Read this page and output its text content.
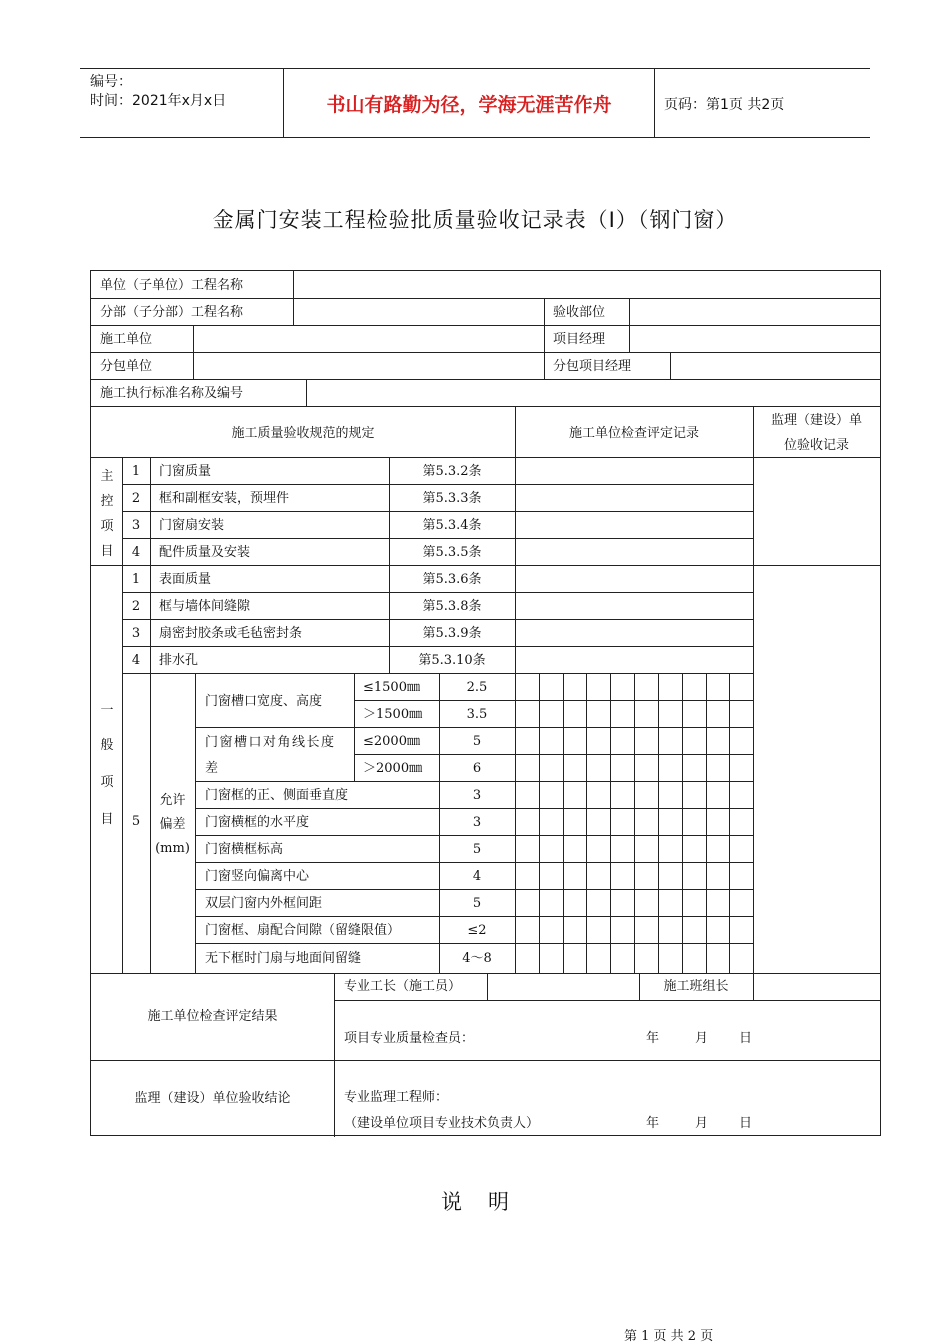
编号：
时间：2021年x月x日	书山有路勤为径，学海无涯苦作舟	页码：第1页 共2页
金属门安装工程检验批质量验收记录表（Ⅰ）（钢门窗）
单位（子单位）工程名称
分部（子分部）工程名称	验收部位
施工单位	项目经理
分包单位	分包项目经理
施工执行标准名称及编号
施工质量验收规范的规定	施工单位检查评定记录
监理（建设）单
位验收记录
主
控
项
目
1	门窗质量	第5.3.2条
2	框和副框安装，预埋件	第5.3.3条
3	门窗扇安装	第5.3.4条
4	配件质量及安装	第5.3.5条
一
般
项
目
1	表面质量	第5.3.6条
2	框与墙体间缝隙	第5.3.8条
3	扇密封胶条或毛毡密封条	第5.3.9条
4	排水孔	第5.3.10条
5
允许
偏差
(mm)
门窗槽口宽度、高度
≤1500㎜	2.5
＞1500㎜	3.5
门窗槽口对角线长度
差
≤2000㎜	5
＞2000㎜	6
门窗框的正、侧面垂直度	3
门窗横框的水平度	3
门窗横框标高	5
门窗竖向偏离中心	4
双层门窗内外框间距	5
门窗框、扇配合间隙（留缝限值）	≤2
无下框时门扇与地面间留缝	4～8
施工单位检查评定结果
专业工长（施工员）	施工班组长
项目专业质量检查员：	年	月 日
监理（建设）单位验收结论	专业监理工程师：
（建设单位项目专业技术负责人）	年	月 日
说明
第 1 页 共 2 页
